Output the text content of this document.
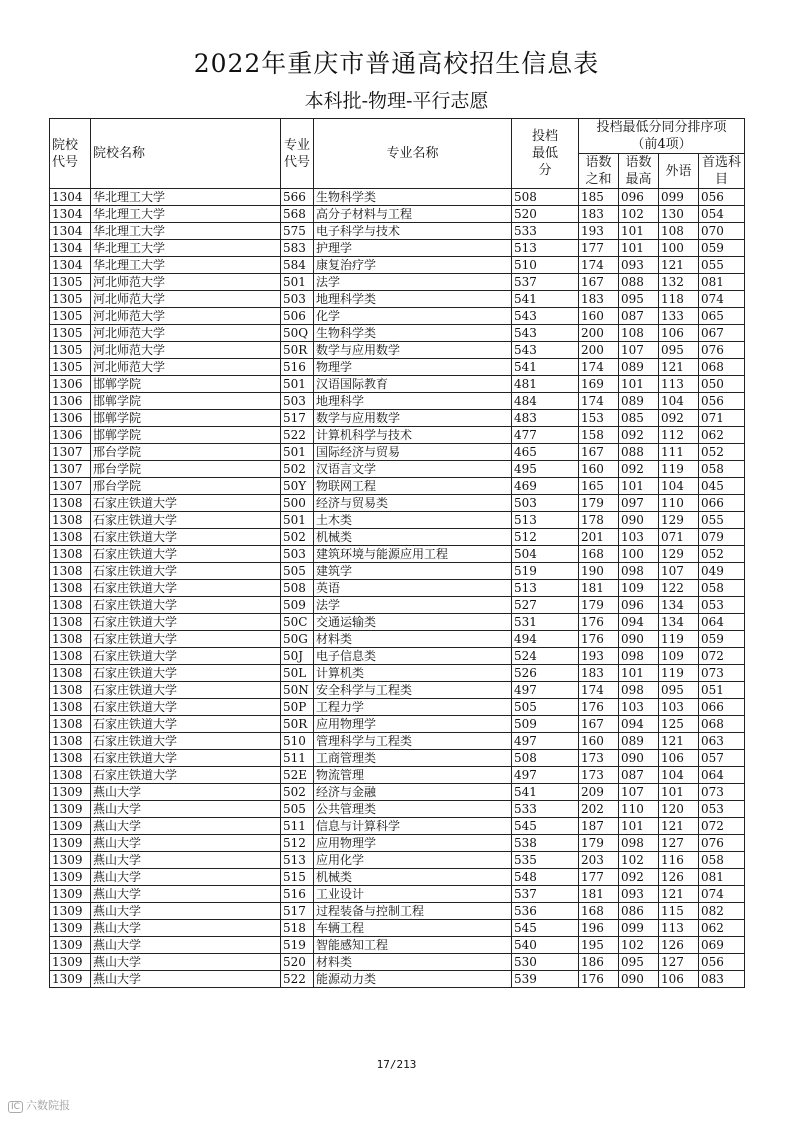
2022年重庆市普通高校招生信息表
本科批-物理-平行志愿
院校代号	院校名称	专业代号	专业名称	投档最低分	投档最低分同分排序项（前4项）			
					语数之和	语数最高	外语	首选科目
1304	华北理工大学	566	生物科学类	508	185	096	099	056
1304	华北理工大学	568	高分子材料与工程	520	183	102	130	054
1304	华北理工大学	575	电子科学与技术	533	193	101	108	070
1304	华北理工大学	583	护理学	513	177	101	100	059
1304	华北理工大学	584	康复治疗学	510	174	093	121	055
1305	河北师范大学	501	法学	537	167	088	132	081
1305	河北师范大学	503	地理科学类	541	183	095	118	074
1305	河北师范大学	506	化学	543	160	087	133	065
1305	河北师范大学	50Q	生物科学类	543	200	108	106	067
1305	河北师范大学	50R	数学与应用数学	543	200	107	095	076
1305	河北师范大学	516	物理学	541	174	089	121	068
1306	邯郸学院	501	汉语国际教育	481	169	101	113	050
1306	邯郸学院	503	地理科学	484	174	089	104	056
1306	邯郸学院	517	数学与应用数学	483	153	085	092	071
1306	邯郸学院	522	计算机科学与技术	477	158	092	112	062
1307	邢台学院	501	国际经济与贸易	465	167	088	111	052
1307	邢台学院	502	汉语言文学	495	160	092	119	058
1307	邢台学院	50Y	物联网工程	469	165	101	104	045
1308	石家庄铁道大学	500	经济与贸易类	503	179	097	110	066
1308	石家庄铁道大学	501	土木类	513	178	090	129	055
1308	石家庄铁道大学	502	机械类	512	201	103	071	079
1308	石家庄铁道大学	503	建筑环境与能源应用工程	504	168	100	129	052
1308	石家庄铁道大学	505	建筑学	519	190	098	107	049
1308	石家庄铁道大学	508	英语	513	181	109	122	058
1308	石家庄铁道大学	509	法学	527	179	096	134	053
1308	石家庄铁道大学	50C	交通运输类	531	176	094	134	064
1308	石家庄铁道大学	50G	材料类	494	176	090	119	059
1308	石家庄铁道大学	50J	电子信息类	524	193	098	109	072
1308	石家庄铁道大学	50L	计算机类	526	183	101	119	073
1308	石家庄铁道大学	50N	安全科学与工程类	497	174	098	095	051
1308	石家庄铁道大学	50P	工程力学	505	176	103	103	066
1308	石家庄铁道大学	50R	应用物理学	509	167	094	125	068
1308	石家庄铁道大学	510	管理科学与工程类	497	160	089	121	063
1308	石家庄铁道大学	511	工商管理类	508	173	090	106	057
1308	石家庄铁道大学	52E	物流管理	497	173	087	104	064
1309	燕山大学	502	经济与金融	541	209	107	101	073
1309	燕山大学	505	公共管理类	533	202	110	120	053
1309	燕山大学	511	信息与计算科学	545	187	101	121	072
1309	燕山大学	512	应用物理学	538	179	098	127	076
1309	燕山大学	513	应用化学	535	203	102	116	058
1309	燕山大学	515	机械类	548	177	092	126	081
1309	燕山大学	516	工业设计	537	181	093	121	074
1309	燕山大学	517	过程装备与控制工程	536	168	086	115	082
1309	燕山大学	518	车辆工程	545	196	099	113	062
1309	燕山大学	519	智能感知工程	540	195	102	126	069
1309	燕山大学	520	材料类	530	186	095	127	056
1309	燕山大学	522	能源动力类	539	176	090	106	083
17/213
IC 六数院报
